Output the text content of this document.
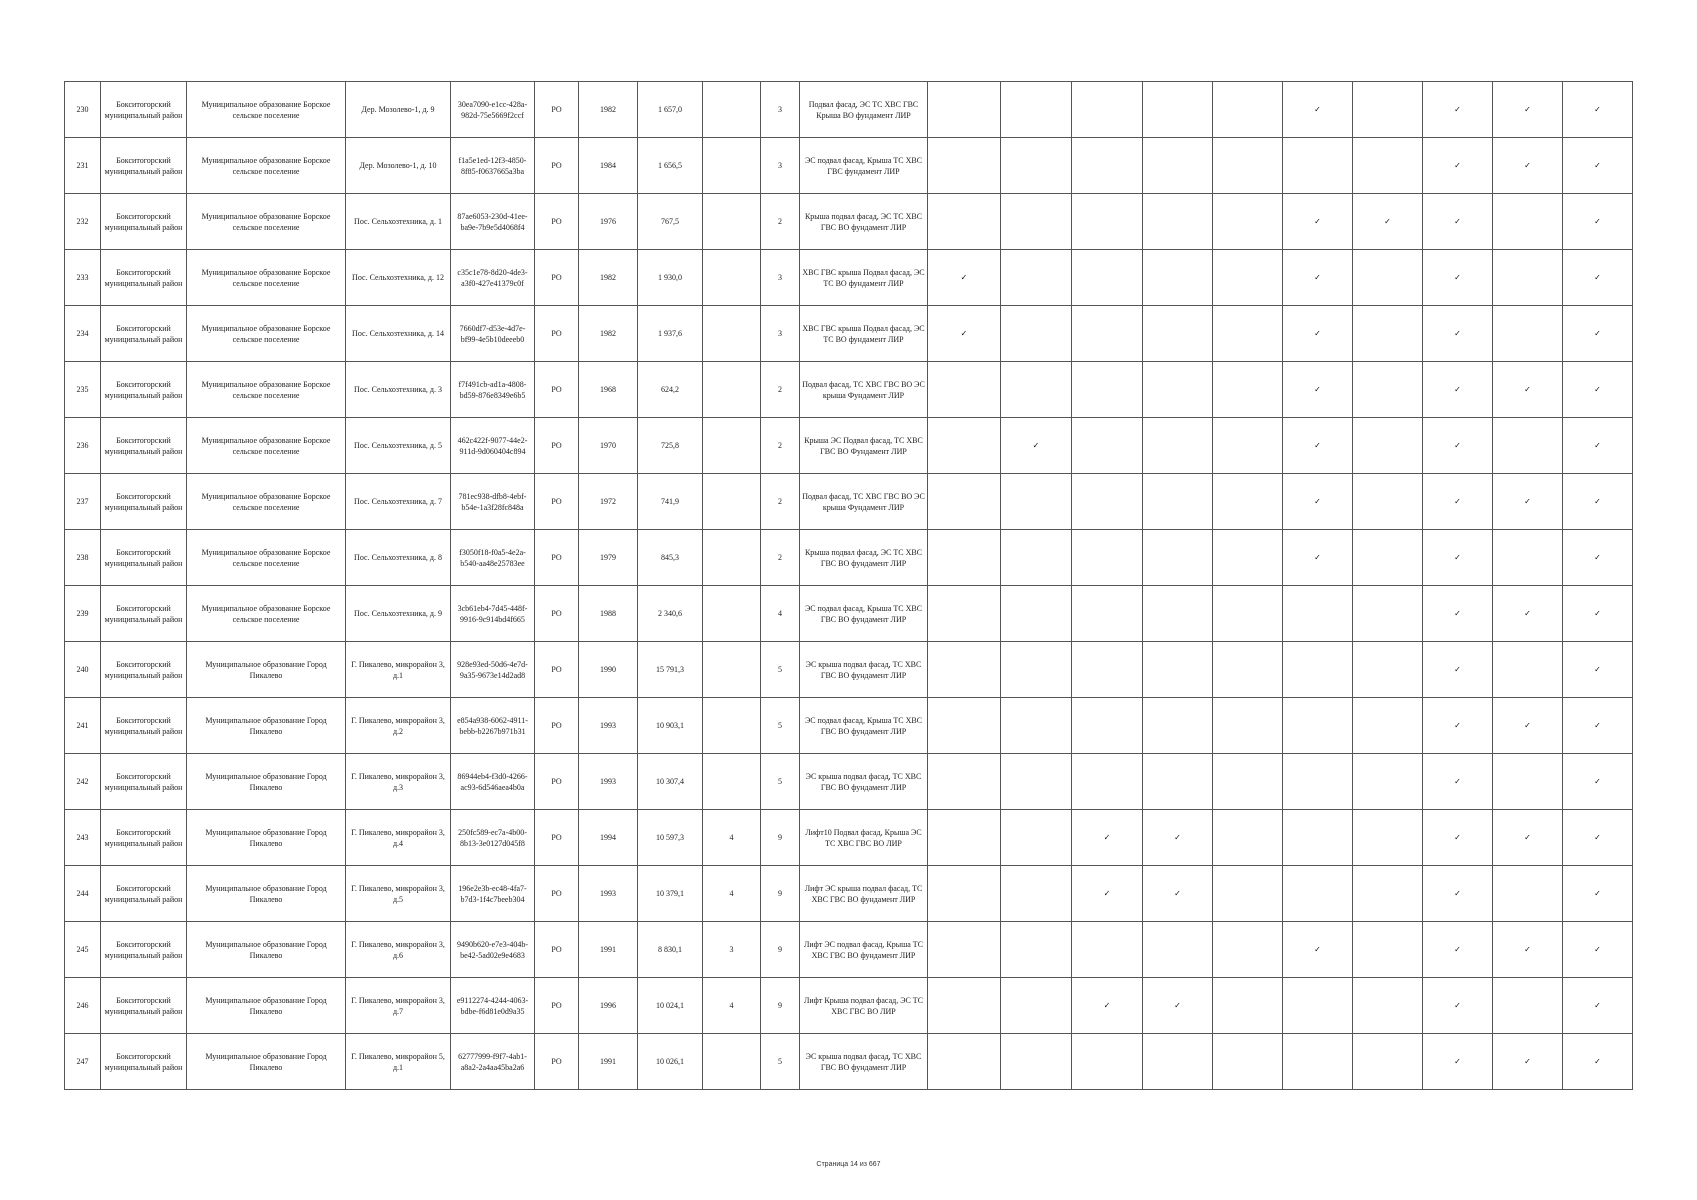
230	Бокситогорский муниципальный район	Муниципальное образование Борское сельское поселение	Дер. Мозолево-1, д. 9	30ea7090-e1cc-428a-982d-75e5669f2ccf	РО	1982	1 657,0		3	Подвал фасад, ЭС ТС ХВС ГВС Крыша ВО фундамент ЛИР						✓		✓	✓	✓
231	Бокситогорский муниципальный район	Муниципальное образование Борское сельское поселение	Дер. Мозолево-1, д. 10	f1a5e1ed-12f3-4850-8f85-f0637665a3ba	РО	1984	1 656,5		3	ЭС подвал фасад, Крыша ТС ХВС ГВС фундамент ЛИР								✓	✓	✓
232	Бокситогорский муниципальный район	Муниципальное образование Борское сельское поселение	Пос. Сельхозтехника, д. 1	87ae6053-230d-41ee-ba9e-7b9e5d4068f4	РО	1976	767,5		2	Крыша подвал фасад, ЭС ТС ХВС ГВС ВО фундамент ЛИР						✓	✓	✓		✓
233	Бокситогорский муниципальный район	Муниципальное образование Борское сельское поселение	Пос. Сельхозтехника, д. 12	c35c1e78-8d20-4de3-a3f0-427e41379c0f	РО	1982	1 930,0		3	ХВС ГВС крыша Подвал фасад, ЭС ТС ВО фундамент ЛИР	✓					✓		✓		✓
234	Бокситогорский муниципальный район	Муниципальное образование Борское сельское поселение	Пос. Сельхозтехника, д. 14	7660df7-d53e-4d7e-bf99-4e5b10deeeb0	РО	1982	1 937,6		3	ХВС ГВС крыша Подвал фасад, ЭС ТС ВО фундамент ЛИР	✓					✓		✓		✓
235	Бокситогорский муниципальный район	Муниципальное образование Борское сельское поселение	Пос. Сельхозтехника, д. 3	f7f491cb-ad1a-4808-bd59-876e8349e6b5	РО	1968	624,2		2	Подвал фасад, ТС ХВС ГВС ВО ЭС крыша Фундамент ЛИР						✓		✓	✓	✓
236	Бокситогорский муниципальный район	Муниципальное образование Борское сельское поселение	Пос. Сельхозтехника, д. 5	462c422f-9077-44e2-911d-9d060404c894	РО	1970	725,8		2	Крыша ЭС Подвал фасад, ТС ХВС ГВС ВО Фундамент ЛИР		✓				✓		✓		✓
237	Бокситогорский муниципальный район	Муниципальное образование Борское сельское поселение	Пос. Сельхозтехника, д. 7	781ec938-dfb8-4ebf-b54e-1a3f28fc848a	РО	1972	741,9		2	Подвал фасад, ТС ХВС ГВС ВО ЭС крыша Фундамент ЛИР						✓		✓	✓	✓
238	Бокситогорский муниципальный район	Муниципальное образование Борское сельское поселение	Пос. Сельхозтехника, д. 8	f3050f18-f0a5-4e2a-b540-aa48e25783ee	РО	1979	845,3		2	Крыша подвал фасад, ЭС ТС ХВС ГВС ВО фундамент ЛИР						✓		✓		✓
239	Бокситогорский муниципальный район	Муниципальное образование Борское сельское поселение	Пос. Сельхозтехника, д. 9	3cb61eb4-7d45-448f-9916-9c914bd4f665	РО	1988	2 340,6		4	ЭС подвал фасад, Крыша ТС ХВС ГВС ВО фундамент ЛИР								✓	✓	✓
240	Бокситогорский муниципальный район	Муниципальное образование Город Пикалево	Г. Пикалево, микрорайон 3, д.1	928e93ed-50d6-4e7d-9a35-9673e14d2ad8	РО	1990	15 791,3		5	ЭС крыша подвал фасад, ТС ХВС ГВС ВО фундамент ЛИР								✓		✓
241	Бокситогорский муниципальный район	Муниципальное образование Город Пикалево	Г. Пикалево, микрорайон 3, д.2	e854a938-6062-4911-bebb-b2267b971b31	РО	1993	10 903,1		5	ЭС подвал фасад, Крыша ТС ХВС ГВС ВО фундамент ЛИР								✓	✓	✓
242	Бокситогорский муниципальный район	Муниципальное образование Город Пикалево	Г. Пикалево, микрорайон 3, д.3	86944eb4-f3d0-4266-ac93-6d546aea4b0a	РО	1993	10 307,4		5	ЭС крыша подвал фасад, ТС ХВС ГВС ВО фундамент ЛИР								✓		✓
243	Бокситогорский муниципальный район	Муниципальное образование Город Пикалево	Г. Пикалево, микрорайон 3, д.4	250fc589-ec7a-4b00-8b13-3e0127d045f8	РО	1994	10 597,3	4	9	Лифт10 Подвал фасад, Крыша ЭС ТС ХВС ГВС ВО ЛИР			✓	✓				✓	✓	✓
244	Бокситогорский муниципальный район	Муниципальное образование Город Пикалево	Г. Пикалево, микрорайон 3, д.5	196e2e3b-ec48-4fa7-b7d3-1f4c7beeb304	РО	1993	10 379,1	4	9	Лифт ЭС крыша подвал фасад, ТС ХВС ГВС ВО фундамент ЛИР			✓	✓				✓		✓
245	Бокситогорский муниципальный район	Муниципальное образование Город Пикалево	Г. Пикалево, микрорайон 3, д.6	9490b620-e7e3-404b-be42-5ad02e9e4683	РО	1991	8 830,1	3	9	Лифт ЭС подвал фасад, Крыша ТС ХВС ГВС ВО фундамент ЛИР						✓		✓	✓	✓
246	Бокситогорский муниципальный район	Муниципальное образование Город Пикалево	Г. Пикалево, микрорайон 3, д.7	e9112274-4244-4063-bdbe-f6d81e0d9a35	РО	1996	10 024,1	4	9	Лифт Крыша подвал фасад, ЭС ТС ХВС ГВС ВО ЛИР			✓	✓				✓		✓
247	Бокситогорский муниципальный район	Муниципальное образование Город Пикалево	Г. Пикалево, микрорайон 5, д.1	62777999-f9f7-4ab1-a8a2-2a4aa45ba2a6	РО	1991	10 026,1		5	ЭС крыша подвал фасад, ТС ХВС ГВС ВО фундамент ЛИР								✓	✓	✓
Страница 14 из 667
